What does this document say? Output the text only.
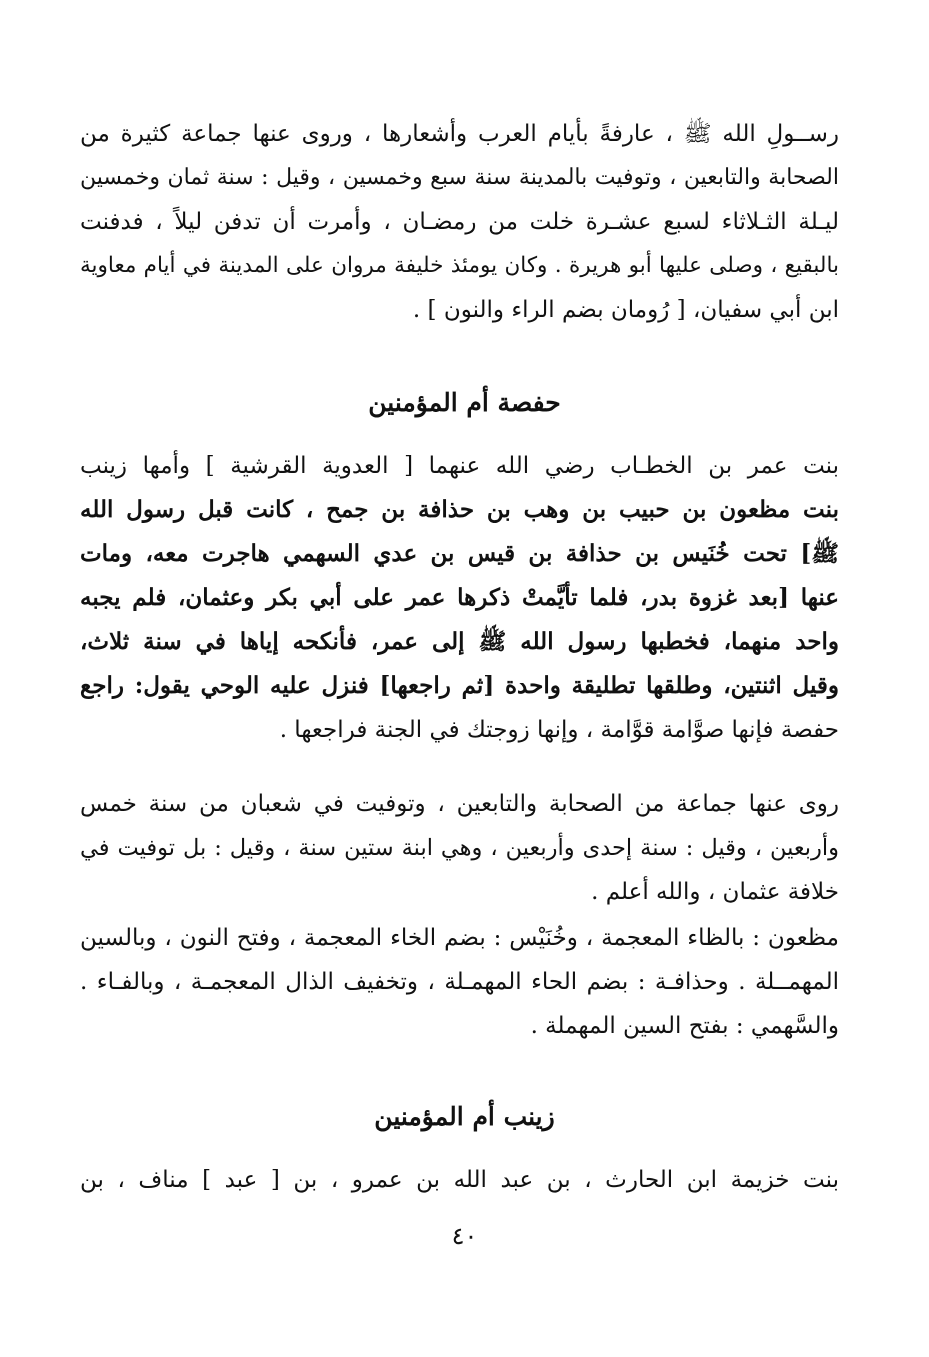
رســولِ الله ﷺ ، عارفةً بأيام العرب وأشعارها ، وروى عنها جماعة كثيرة من
الصحابة والتابعين ، وتوفيت بالمدينة سنة سبع وخمسين ، وقيل : سنة ثمان وخمسين
ليـلة الثـلاثاء لسبع عشـرة خلت من رمضـان ، وأمرت أن تدفن ليلاً ، فدفنت
بالبقيع ، وصلى عليها أبو هريرة . وكان يومئذ خليفة مروان على المدينة في أيام معاوية
ابن أبي سفيان، [ رُومان بضم الراء والنون ] .
حفصة أم المؤمنين
بنت عمر بن الخطـاب رضي الله عنهما [ العدوية القرشية ] وأمها زينب
بنت مظعون بن حبيب بن وهب بن حذافة بن جمح ، كانت قبل رسول الله
ﷺ] تحت خُنَيس بن حذافة بن قيس بن عدي السهمي هاجرت معه، ومات
عنها [بعد غزوة بدر، فلما تأيَّمتْ ذكرها عمر على أبي بكر وعثمان، فلم يجبه
واحد منهما، فخطبها رسول الله ﷺ إلى عمر، فأنكحه إياها في سنة ثلاث،
وقيل اثنتين، وطلقها تطليقة واحدة [ثم راجعها] فنزل عليه الوحي يقول: راجع
حفصة فإنها صوَّامة قوَّامة ، وإنها زوجتك في الجنة فراجعها .
روى عنها جماعة من الصحابة والتابعين ، وتوفيت في شعبان من سنة خمس
وأربعين ، وقيل : سنة إحدى وأربعين ، وهي ابنة ستين سنة ، وقيل : بل توفيت في
خلافة عثمان ، والله أعلم .
مظعون : بالظاء المعجمة ، وخُنَيْس : بضم الخاء المعجمة ، وفتح النون ، وبالسين
المهمــلة . وحذافـة : بضم الحاء المهمـلة ، وتخفيف الذال المعجمـة ، وبالفـاء .
والسَّهمي : بفتح السين المهملة .
زينب أم المؤمنين
بنت خزيمة ابن الحارث ، بن عبد الله بن عمرو ، بن [ عبد ] مناف ، بن
٤٠
